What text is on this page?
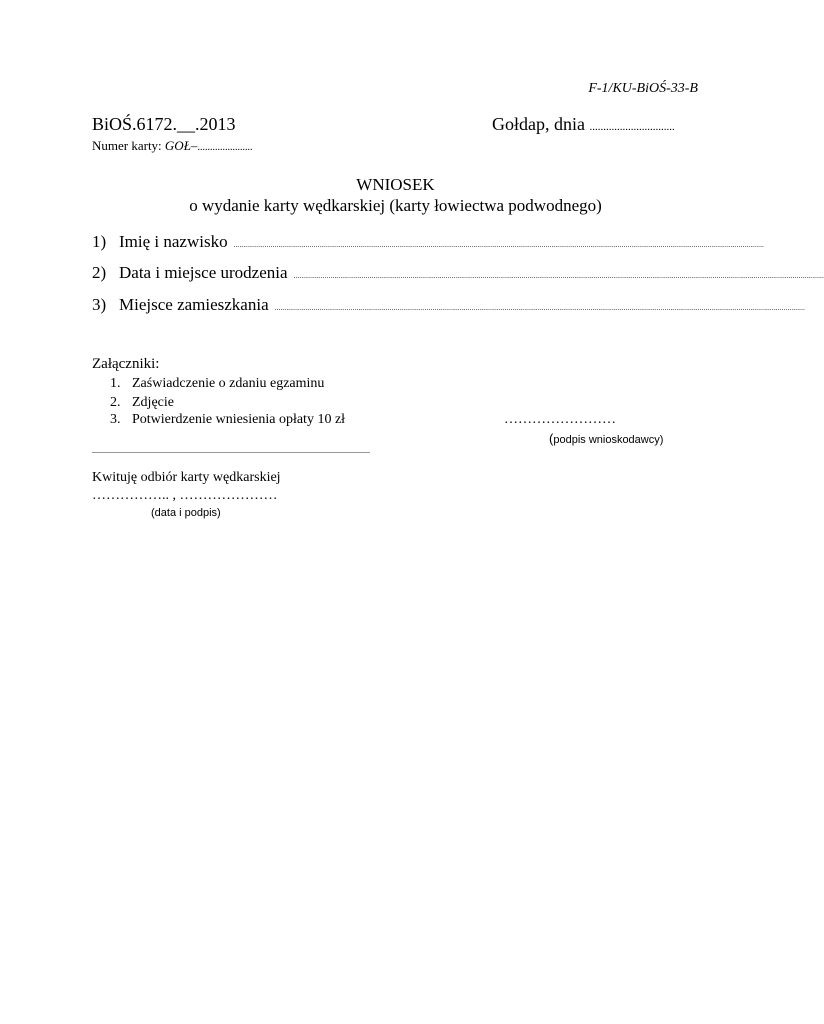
F-1/KU-BiOŚ-33-B
BiOŚ.6172.__.2013	Gołdap, dnia ...............................
Numer karty: GOŁ–......................
WNIOSEK
o wydanie karty wędkarskiej (karty łowiectwa podwodnego)
1) Imię i nazwisko ................................................................................................................................................................................................................................................................................
2) Data i miejsce urodzenia ................................................................................................................................................................................................................................................................................
3) Miejsce zamieszkania ................................................................................................................................................................................................................................................................................
Załączniki:
1. Zaświadczenie o zdaniu egzaminu
2. Zdjęcie
3. Potwierdzenie wniesienia opłaty 10 zł	……………………
(podpis wnioskodawcy)
Kwituję odbiór karty wędkarskiej
…………….. , …………………
(data i podpis)
